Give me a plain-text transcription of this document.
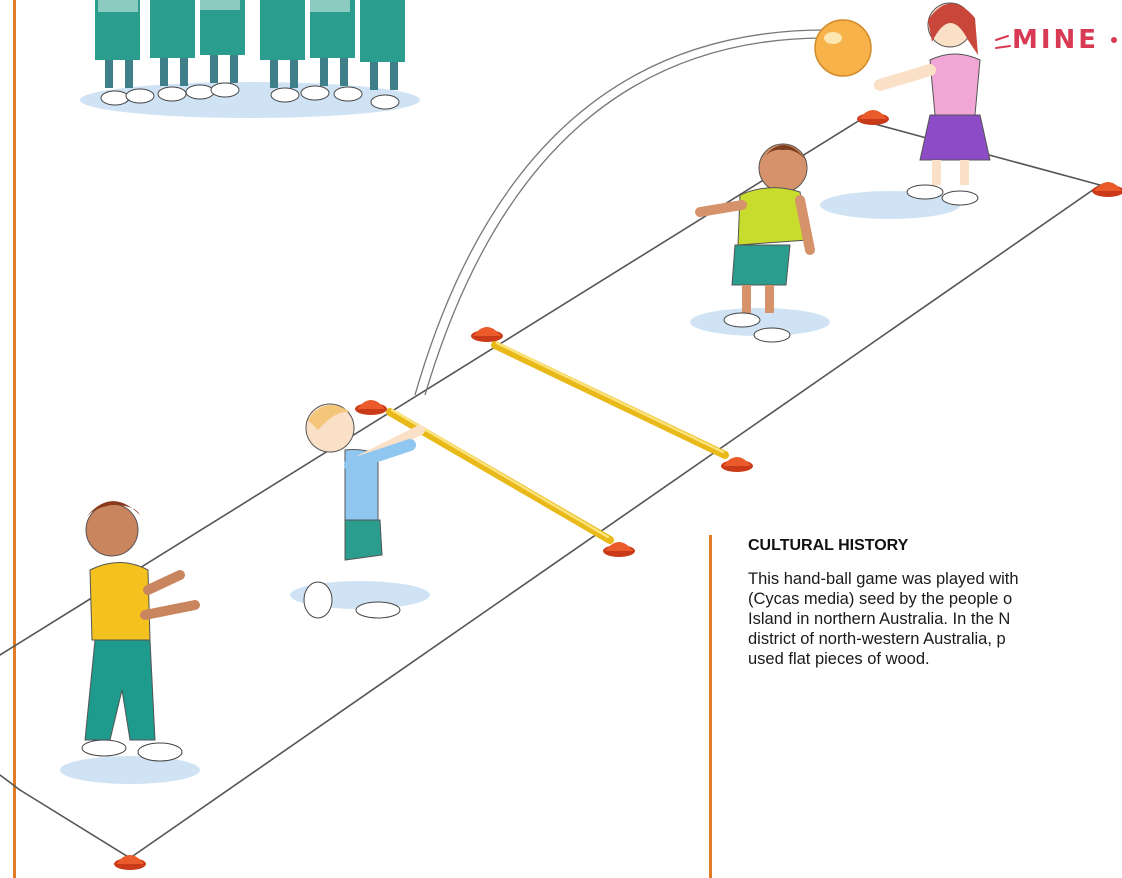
MINE
CULTURAL HISTORY
This hand-ball game was played with
(Cycas media) seed by the people o
Island in northern Australia. In the N
district of north-western Australia, p
used flat pieces of wood.
